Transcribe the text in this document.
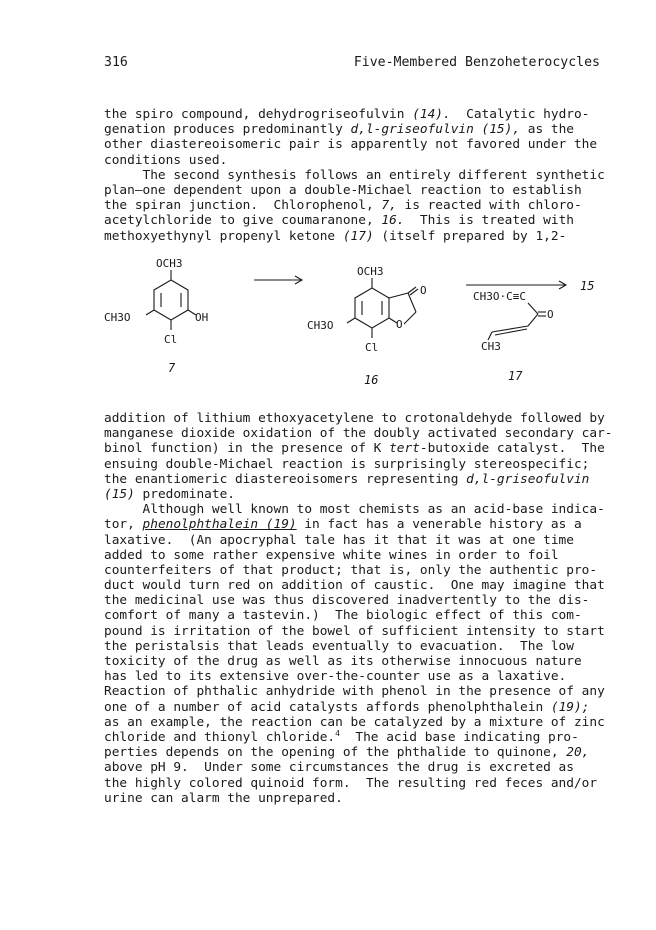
316	Five-Membered Benzoheterocycles
the spiro compound, dehydrogriseofulvin (14).  Catalytic hydro-
genation produces predominantly d,l-griseofulvin (15), as the
other diastereoisomeric pair is apparently not favored under the
conditions used.
The second synthesis follows an entirely different synthetic
plan—one dependent upon a double-Michael reaction to establish
the spiran junction.  Chlorophenol, 7, is reacted with chloro-
acetylchloride to give coumaranone, 16.  This is treated with
methoxyethynyl propenyl ketone (17) (itself prepared by 1,2-
OCH3
CH3O	OH
Cl
7
OCH3
CH3O
O
O
Cl
16
15
CH3O·C≡C
O
CH3
17
addition of lithium ethoxyacetylene to crotonaldehyde followed by
manganese dioxide oxidation of the doubly activated secondary car-
binol function) in the presence of K tert-butoxide catalyst.  The
ensuing double-Michael reaction is surprisingly stereospecific;
the enantiomeric diastereoisomers representing d,l-griseofulvin
(15) predominate.
Although well known to most chemists as an acid-base indica-
tor, phenolphthalein (19) in fact has a venerable history as a
laxative.  (An apocryphal tale has it that it was at one time
added to some rather expensive white wines in order to foil
counterfeiters of that product; that is, only the authentic pro-
duct would turn red on addition of caustic.  One may imagine that
the medicinal use was thus discovered inadvertently to the dis-
comfort of many a tastevin.)  The biologic effect of this com-
pound is irritation of the bowel of sufficient intensity to start
the peristalsis that leads eventually to evacuation.  The low
toxicity of the drug as well as its otherwise innocuous nature
has led to its extensive over-the-counter use as a laxative.
Reaction of phthalic anhydride with phenol in the presence of any
one of a number of acid catalysts affords phenolphthalein (19);
as an example, the reaction can be catalyzed by a mixture of zinc
chloride and thionyl chloride.$^4$  The acid base indicating pro-
perties depends on the opening of the phthalide to quinone, 20,
above pH 9.  Under some circumstances the drug is excreted as
the highly colored quinoid form.  The resulting red feces and/or
urine can alarm the unprepared.
